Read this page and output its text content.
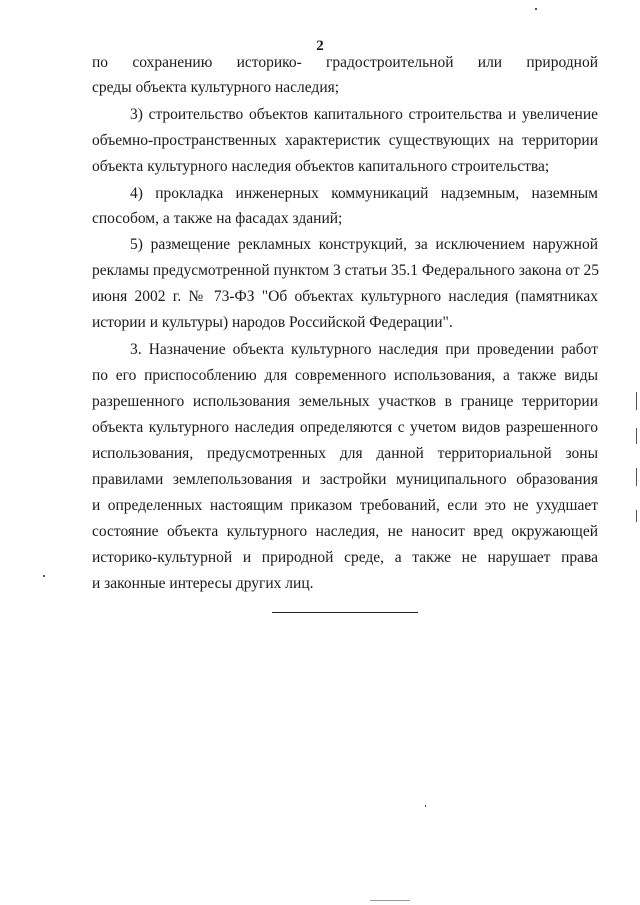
2
по сохранению историко- градостроительной или природной
среды объекта культурного наследия;
3) строительство объектов капитального строительства и увеличение
объемно-пространственных характеристик существующих на территории
объекта культурного наследия объектов капитального строительства;
4) прокладка инженерных коммуникаций надземным, наземным
способом, а также на фасадах зданий;
5) размещение рекламных конструкций, за исключением наружной
рекламы предусмотренной пунктом 3 статьи 35.1 Федерального закона от 25
июня 2002 г. № 73-ФЗ "Об объектах культурного наследия (памятниках
истории и культуры) народов Российской Федерации".
3. Назначение объекта культурного наследия при проведении работ
по его приспособлению для современного использования, а также виды
разрешенного использования земельных участков в границе территории
объекта культурного наследия определяются с учетом видов разрешенного
использования, предусмотренных для данной территориальной зоны
правилами землепользования и застройки муниципального образования
и определенных настоящим приказом требований, если это не ухудшает
состояние объекта культурного наследия, не наносит вред окружающей
историко-культурной и природной среде, а также не нарушает права
и законные интересы других лиц.
